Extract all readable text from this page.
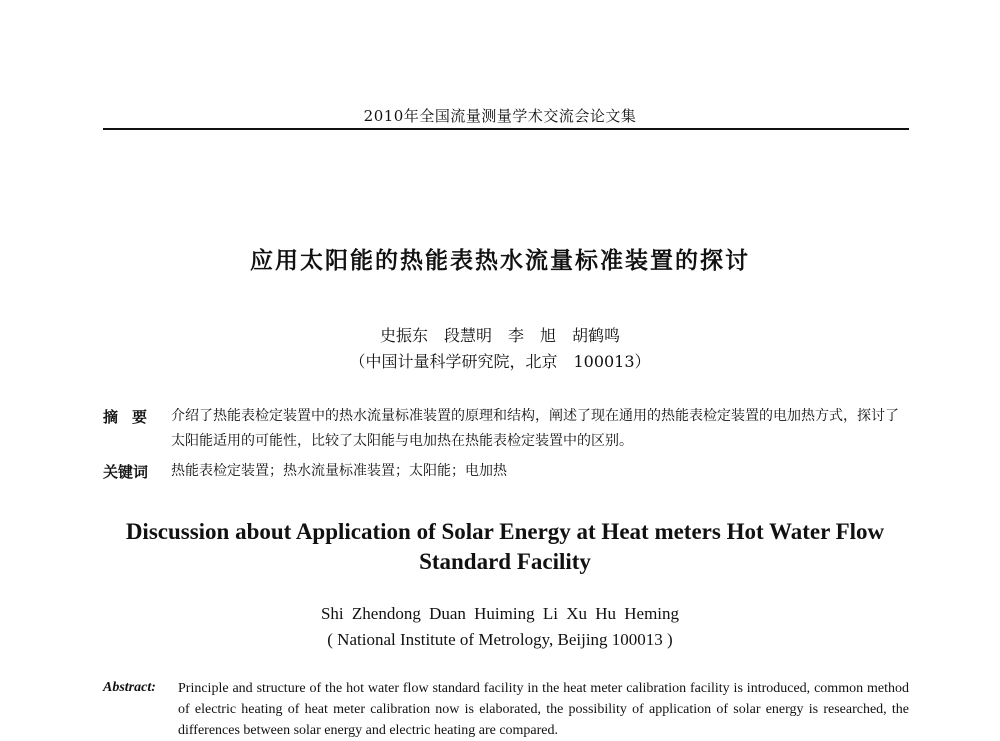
2010年全国流量测量学术交流会论文集
应用太阳能的热能表热水流量标准装置的探讨
史振东　段慧明　李　旭　胡鹤鸣
（中国计量科学研究院，北京　100013）
摘要 介绍了热能表检定装置中的热水流量标准装置的原理和结构，阐述了现在通用的热能表检定装置的电加热方式，探讨了太阳能适用的可能性，比较了太阳能与电加热在热能表检定装置中的区别。
关键词 热能表检定装置；热水流量标准装置；太阳能；电加热
Discussion about Application of Solar Energy at Heat meters Hot Water Flow Standard Facility
Shi Zhendong Duan Huiming Li Xu Hu Heming
( National Institute of Metrology, Beijing 100013 )
Abstract: Principle and structure of the hot water flow standard facility in the heat meter calibration facility is introduced, common method of electric heating of heat meter calibration now is elaborated, the possibility of application of solar energy is researched, the differences between solar energy and electric heating are compared.
